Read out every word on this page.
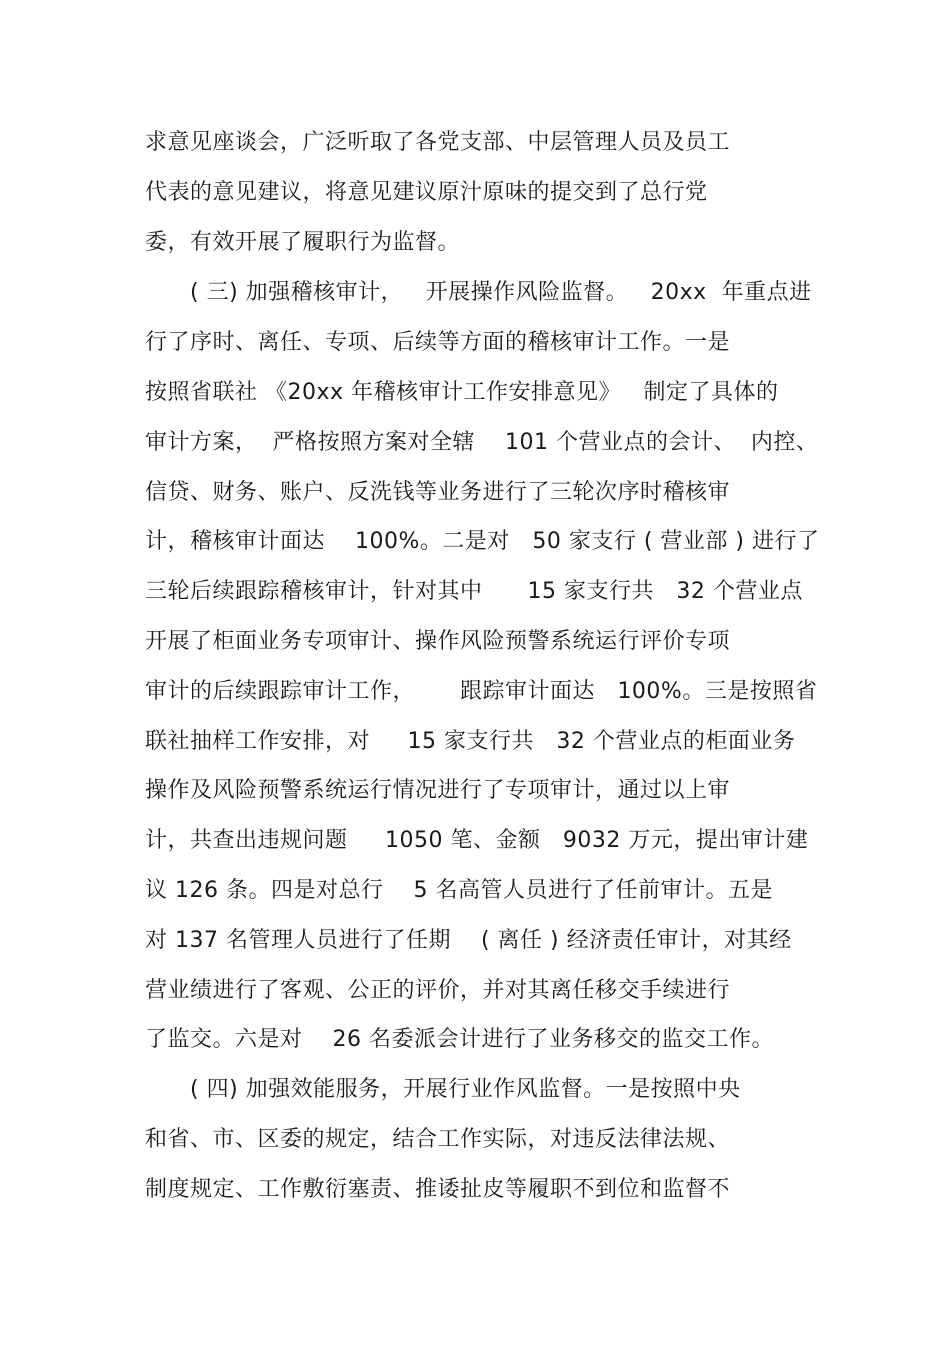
求意见座谈会，广泛听取了各党支部、中层管理人员及员工
代表的意见建议，将意见建议原汁原味的提交到了总行党
委，有效开展了履职行为监督。
( 三) 加强稽核审计，   开展操作风险监督。   20xx  年重点进
行了序时、离任、专项、后续等方面的稽核审计工作。一是
按照省联社 《20xx 年稽核审计工作安排意见》   制定了具体的
审计方案，  严格按照方案对全辖    101 个营业点的会计、  内控、
信贷、财务、账户、反洗钱等业务进行了三轮次序时稽核审
计，稽核审计面达    100%。二是对   50 家支行 ( 营业部 ) 进行了
三轮后续跟踪稽核审计，针对其中      15 家支行共   32 个营业点
开展了柜面业务专项审计、操作风险预警系统运行评价专项
审计的后续跟踪审计工作，      跟踪审计面达   100%。三是按照省
联社抽样工作安排，对     15 家支行共   32 个营业点的柜面业务
操作及风险预警系统运行情况进行了专项审计，通过以上审
计，共查出违规问题     1050 笔、金额   9032 万元，提出审计建
议 126 条。四是对总行    5 名高管人员进行了任前审计。五是
对 137 名管理人员进行了任期    ( 离任 ) 经济责任审计，对其经
营业绩进行了客观、公正的评价，并对其离任移交手续进行
了监交。六是对    26 名委派会计进行了业务移交的监交工作。
( 四) 加强效能服务，开展行业作风监督。一是按照中央
和省、市、区委的规定，结合工作实际，对违反法律法规、
制度规定、工作敷衍塞责、推诿扯皮等履职不到位和监督不
